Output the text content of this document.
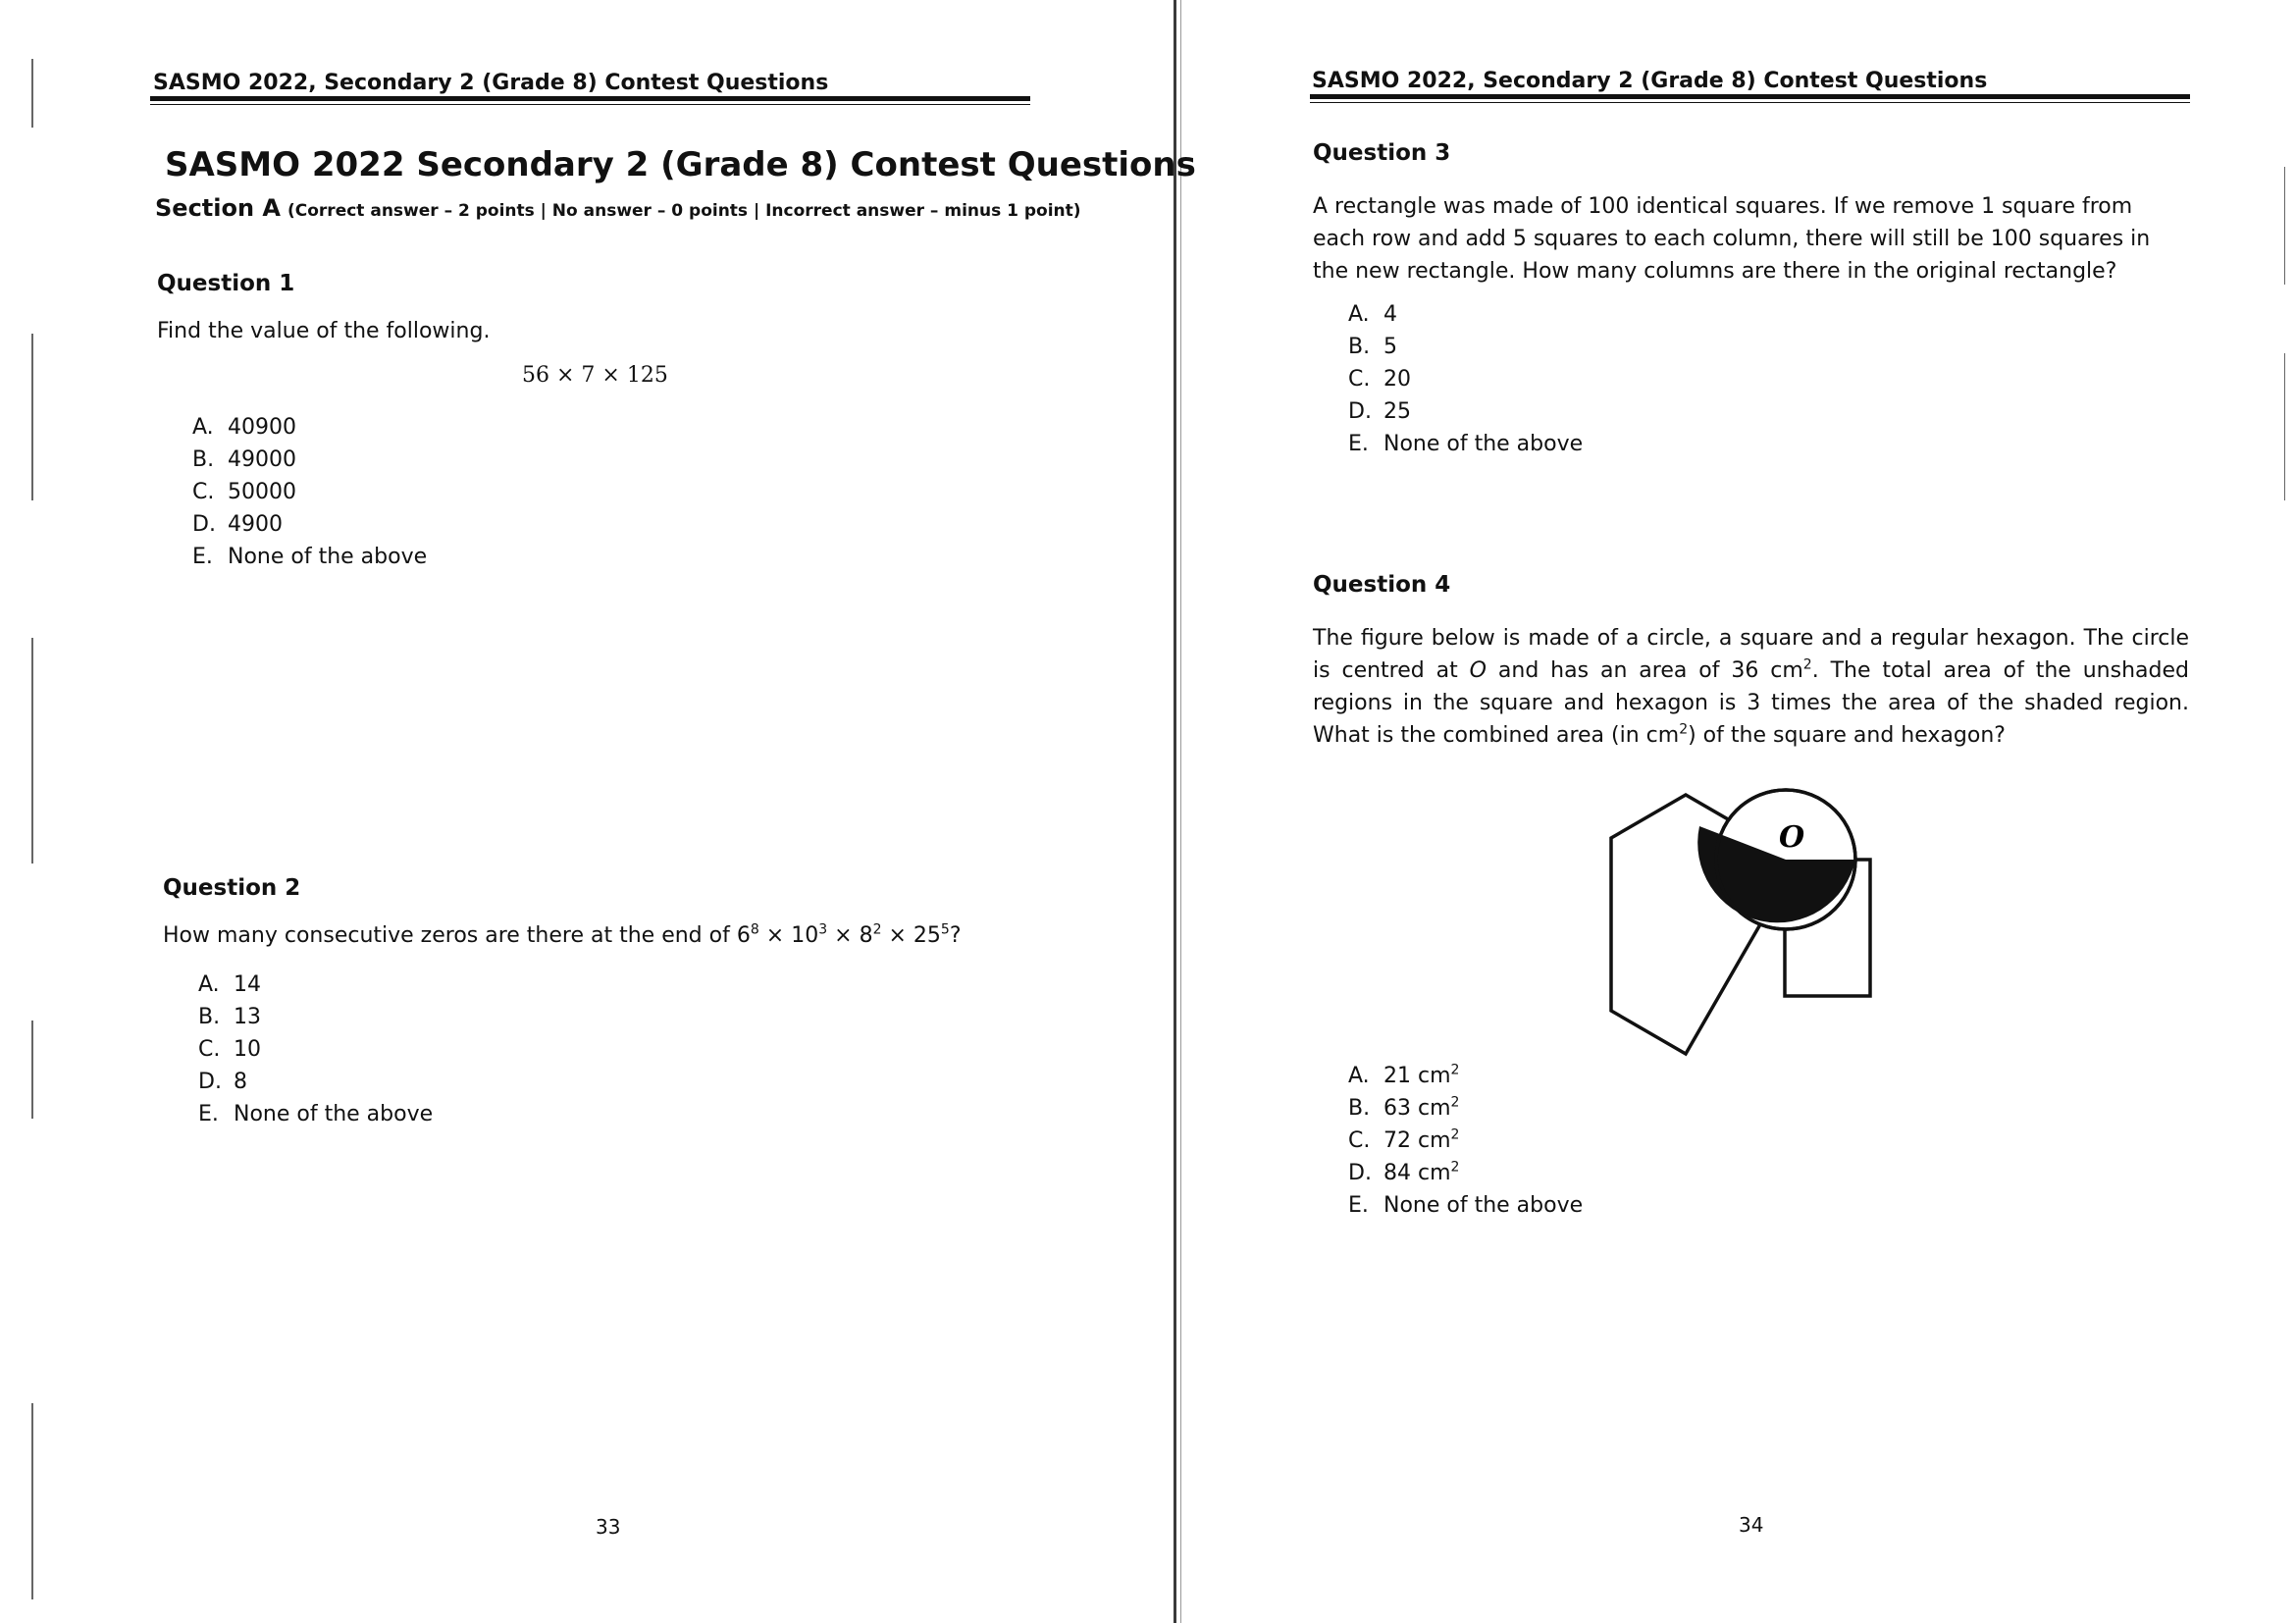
SASMO 2022, Secondary 2 (Grade 8) Contest Questions
SASMO 2022 Secondary 2 (Grade 8) Contest Questions
Section A (Correct answer – 2 points | No answer – 0 points | Incorrect answer – minus 1 point)
Question 1
Find the value of the following.
56 × 7 × 125
A. 40900
B. 49000
C. 50000
D. 4900
E. None of the above
Question 2
How many consecutive zeros are there at the end of $6^8 \times 10^3 \times 8^2 \times 25^5$?
A. 14
B. 13
C. 10
D. 8
E. None of the above
33
SASMO 2022, Secondary 2 (Grade 8) Contest Questions
Question 3
A rectangle was made of 100 identical squares. If we remove 1 square from each row and add 5 squares to each column, there will still be 100 squares in the new rectangle. How many columns are there in the original rectangle?
A. 4
B. 5
C. 20
D. 25
E. None of the above
Question 4
The figure below is made of a circle, a square and a regular hexagon. The circle is centred at O and has an area of 36 $cm^2$. The total area of the unshaded regions in the square and hexagon is 3 times the area of the shaded region. What is the combined area (in $cm^2$) of the square and hexagon?
O
A. 21 $cm^2$
B. 63 $cm^2$
C. 72 $cm^2$
D. 84 $cm^2$
E. None of the above
34
